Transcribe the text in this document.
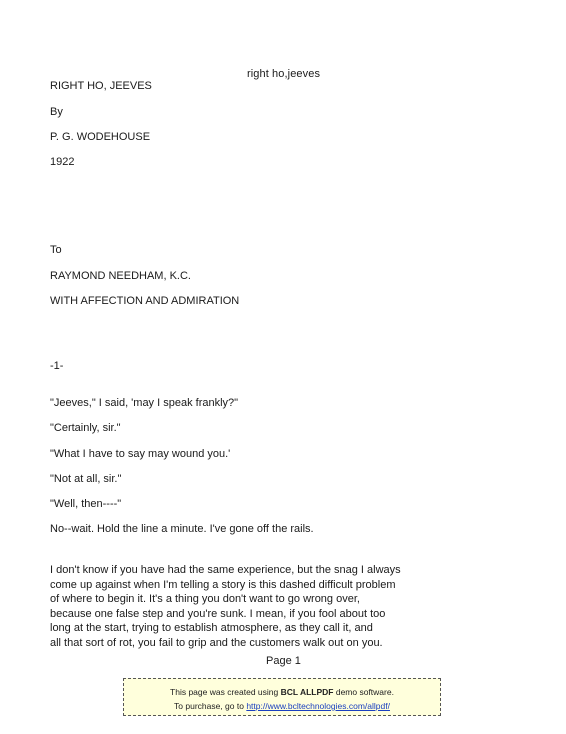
right ho,jeeves
RIGHT HO, JEEVES
By
P. G. WODEHOUSE
1922
To
RAYMOND NEEDHAM, K.C.
WITH AFFECTION AND ADMIRATION
-1-
"Jeeves," I said, 'may I speak frankly?"
"Certainly, sir."
"What I have to say may wound you.'
"Not at all, sir."
"Well, then----"
No--wait. Hold the line a minute. I've gone off the rails.
I don't know if you have had the same experience, but the snag I always
come up against when I'm telling a story is this dashed difficult problem
of where to begin it. It's a thing you don't want to go wrong over,
because one false step and you're sunk. I mean, if you fool about too
long at the start, trying to establish atmosphere, as they call it, and
all that sort of rot, you fail to grip and the customers walk out on you.
Page 1
This page was created using BCL ALLPDF demo software.
To purchase, go to http://www.bcltechnologies.com/allpdf/
